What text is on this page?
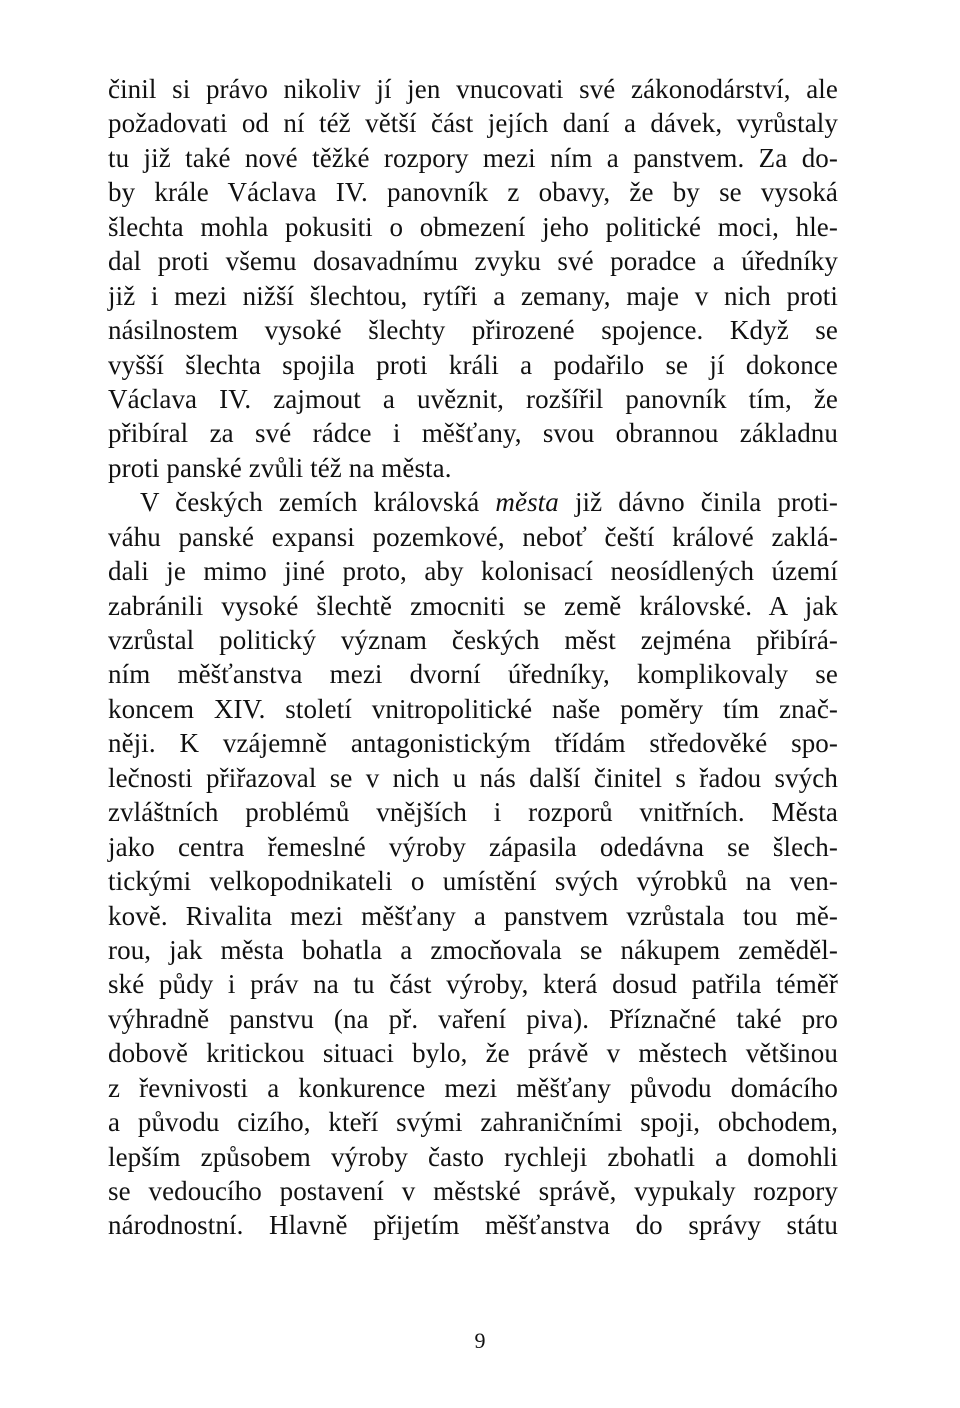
činil si právo nikoliv jí jen vnucovati své zákonodárství, ale
požadovati od ní též větší část jejích daní a dávek, vyrůstaly
tu již také nové těžké rozpory mezi ním a panstvem. Za do-
by krále Václava IV. panovník z obavy, že by se vysoká
šlechta mohla pokusiti o obmezení jeho politické moci, hle-
dal proti všemu dosavadnímu zvyku své poradce a úředníky
již i mezi nižší šlechtou, rytíři a zemany, maje v nich proti
násilnostem vysoké šlechty přirozené spojence. Když se
vyšší šlechta spojila proti králi a podařilo se jí dokonce
Václava IV. zajmout a uvěznit, rozšířil panovník tím, že
přibíral za své rádce i měšťany, svou obrannou základnu
proti panské zvůli též na města.
V českých zemích královská města již dávno činila proti-
váhu panské expansi pozemkové, neboť čeští králové zaklá-
dali je mimo jiné proto, aby kolonisací neosídlených území
zabránili vysoké šlechtě zmocniti se země královské. A jak
vzrůstal politický význam českých měst zejména přibírá-
ním měšťanstva mezi dvorní úředníky, komplikovaly se
koncem XIV. století vnitropolitické naše poměry tím znač-
něji. K vzájemně antagonistickým třídám středověké spo-
lečnosti přiřazoval se v nich u nás další činitel s řadou svých
zvláštních problémů vnějších i rozporů vnitřních. Města
jako centra řemeslné výroby zápasila odedávna se šlech-
tickými velkopodnikateli o umístění svých výrobků na ven-
kově. Rivalita mezi měšťany a panstvem vzrůstala tou mě-
rou, jak města bohatla a zmocňovala se nákupem zeměděl-
ské půdy i práv na tu část výroby, která dosud patřila téměř
výhradně panstvu (na př. vaření piva). Příznačné také pro
dobově kritickou situaci bylo, že právě v městech většinou
z řevnivosti a konkurence mezi měšťany původu domácího
a původu cizího, kteří svými zahraničními spoji, obchodem,
lepším způsobem výroby často rychleji zbohatli a domohli
se vedoucího postavení v městské správě, vypukaly rozpory
národnostní. Hlavně přijetím měšťanstva do správy státu
9
